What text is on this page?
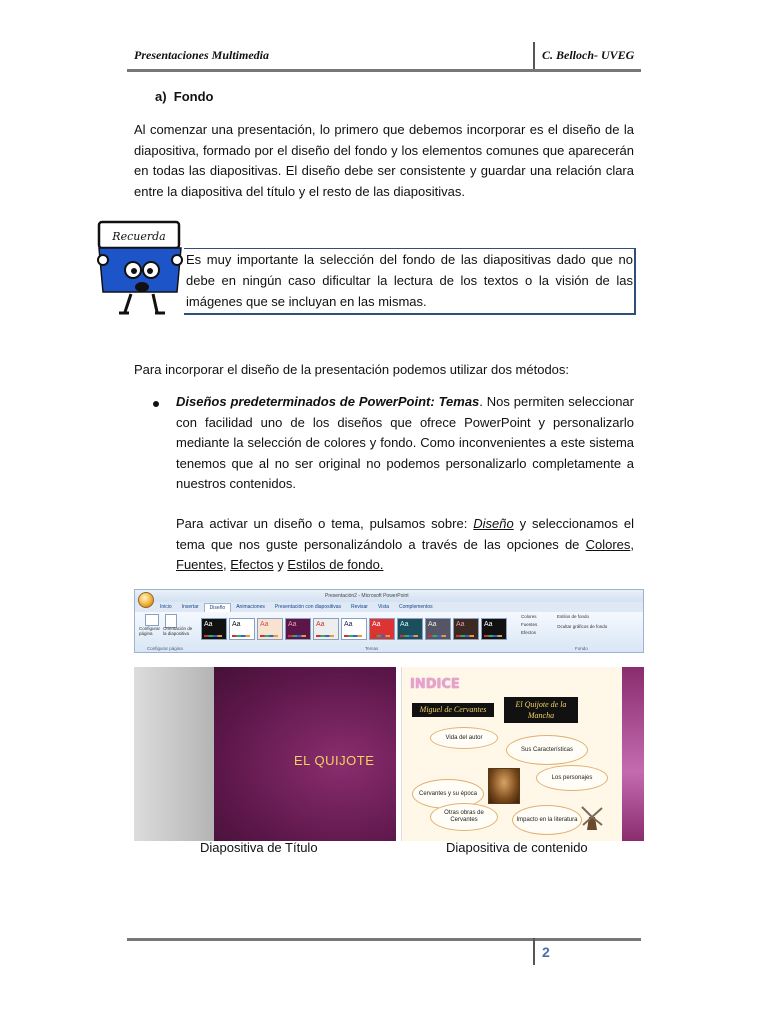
Presentaciones Multimedia	C. Belloch- UVEG
a)  Fondo
Al comenzar una presentación, lo primero que debemos incorporar es el diseño de la diapositiva, formado por el diseño del fondo y los elementos comunes que aparecerán en todas las diapositivas. El diseño debe ser consistente y guardar una relación clara entre la diapositiva del título y el resto de las diapositivas.
Recuerda
Es muy importante la selección del fondo de las diapositivas dado que no debe en ningún caso dificultar la lectura de los textos o la visión de las imágenes que se incluyan en las mismas.
Para incorporar el diseño de la presentación podemos utilizar dos métodos:
Diseños predeterminados de PowerPoint: Temas. Nos permiten seleccionar con facilidad uno de los diseños que ofrece PowerPoint y personalizarlo mediante la selección de colores y fondo. Como inconvenientes a este sistema tenemos que al no ser original no podemos personalizarlo completamente a nuestros contenidos.
Para activar un diseño o tema, pulsamos sobre: Diseño y seleccionamos el tema que nos guste personalizándolo a través de las opciones de Colores, Fuentes, Efectos y Estilos de fondo.
Presentación2 - Microsoft PowerPoint
Inicio	Insertar	Diseño	Animaciones	Presentación con diapositivas	Revisar	Vista	Complementos
Configurar página
Orientación de la diapositiva
Configurar página
Aa	Aa	Aa	Aa	Aa	Aa	Aa	Aa	Aa	Aa	Aa
Temas
Colores
Fuentes
Efectos
Estilos de fondo
Ocultar gráficos de fondo
Fondo
EL QUIJOTE
INDICE
Miguel de Cervantes
El Quijote de la Mancha
Vida del autor
Sus Características
Los personajes
Cervantes y su época
Otras obras de Cervantes	Impacto en la literatura
Diapositiva de Título	Diapositiva de contenido
2
